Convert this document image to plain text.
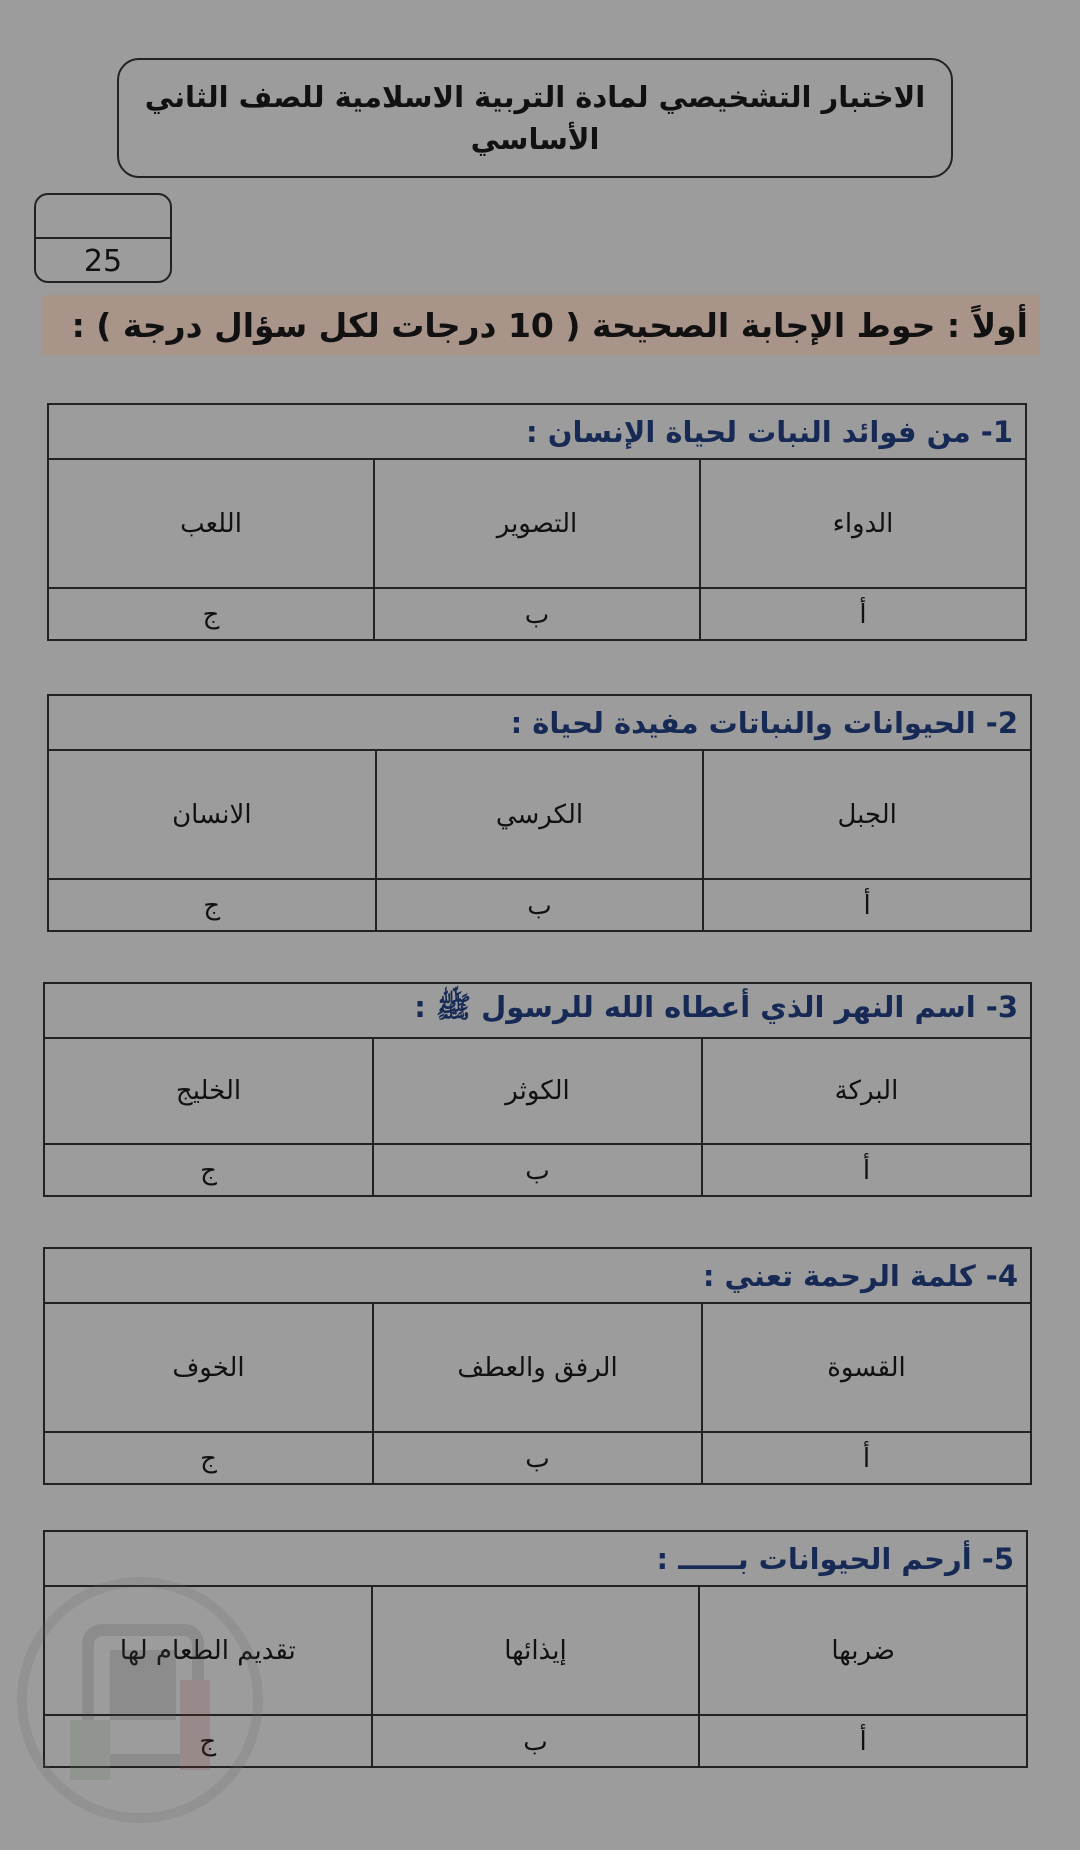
الاختبار التشخيصي لمادة التربية الاسلامية للصف الثاني
الأساسي
25
أولاً : حوط الإجابة الصحيحة ( 10 درجات لكل سؤال درجة ) :
1- من فوائد النبات لحياة الإنسان :
الدواء
التصوير
اللعب
أ
ب
ج
2- الحيوانات والنباتات مفيدة لحياة :
الجبل
الكرسي
الانسان
أ
ب
ج
3- اسم النهر الذي أعطاه الله للرسول ﷺ :
البركة
الكوثر
الخليج
أ
ب
ج
4- كلمة الرحمة تعني :
القسوة
الرفق والعطف
الخوف
أ
ب
ج
5- أرحم الحيوانات بــــــ :
ضربها
إيذائها
تقديم الطعام لها
أ
ب
ج
